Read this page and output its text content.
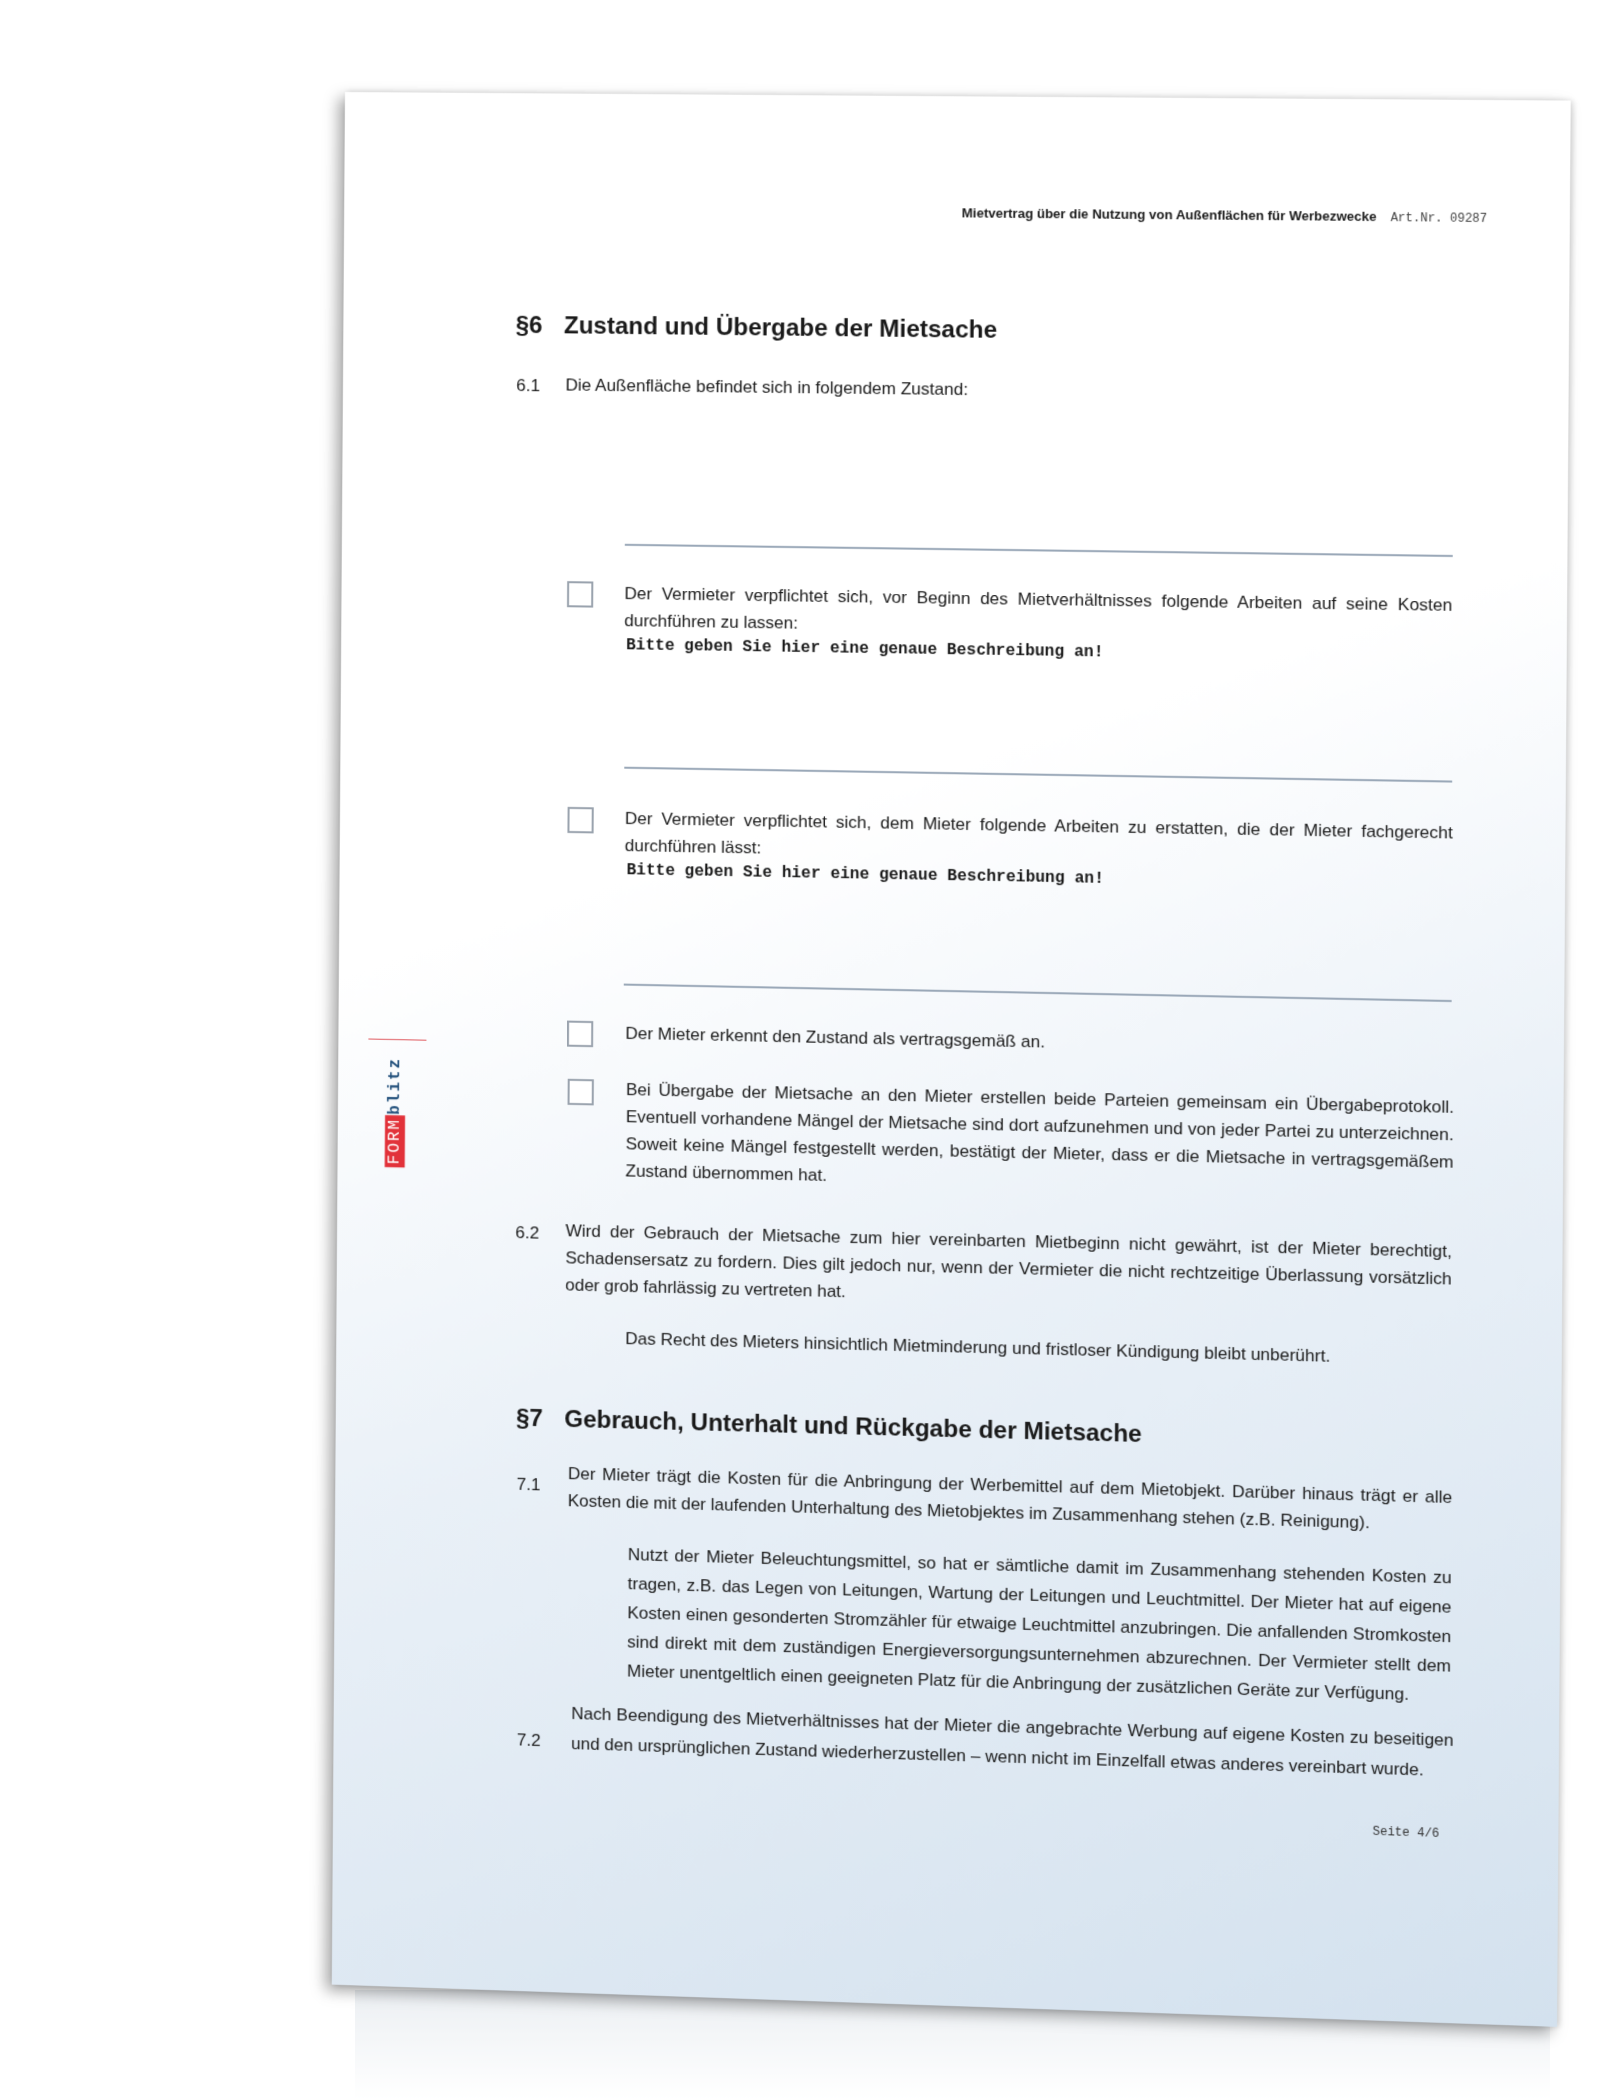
Mietvertrag über die Nutzung von Außenflächen für Werbezwecke Art.Nr. 09287
FORMblitz
§6 Zustand und Übergabe der Mietsache
6.1 Die Außenfläche befindet sich in folgendem Zustand:
Der Vermieter verpflichtet sich, vor Beginn des Mietverhältnisses folgende Arbeiten auf seine Kosten durchführen zu lassen:
Bitte geben Sie hier eine genaue Beschreibung an!
Der Vermieter verpflichtet sich, dem Mieter folgende Arbeiten zu erstatten, die der Mieter fachgerecht durchführen lässt:
Bitte geben Sie hier eine genaue Beschreibung an!
Der Mieter erkennt den Zustand als vertragsgemäß an.
Bei Übergabe der Mietsache an den Mieter erstellen beide Parteien gemeinsam ein Übergabeprotokoll. Eventuell vorhandene Mängel der Mietsache sind dort aufzunehmen und von jeder Partei zu unterzeichnen. Soweit keine Mängel festgestellt werden, bestätigt der Mieter, dass er die Mietsache in vertragsgemäßem Zustand übernommen hat.
6.2 Wird der Gebrauch der Mietsache zum hier vereinbarten Mietbeginn nicht gewährt, ist der Mieter berechtigt, Schadensersatz zu fordern. Dies gilt jedoch nur, wenn der Vermieter die nicht rechtzeitige Überlassung vorsätzlich oder grob fahrlässig zu vertreten hat.
Das Recht des Mieters hinsichtlich Mietminderung und fristloser Kündigung bleibt unberührt.
§7 Gebrauch, Unterhalt und Rückgabe der Mietsache
7.1 Der Mieter trägt die Kosten für die Anbringung der Werbemittel auf dem Mietobjekt. Darüber hinaus trägt er alle Kosten die mit der laufenden Unterhaltung des Mietobjektes im Zusammenhang stehen (z.B. Reinigung).
Nutzt der Mieter Beleuchtungsmittel, so hat er sämtliche damit im Zusammenhang stehenden Kosten zu tragen, z.B. das Legen von Leitungen, Wartung der Leitungen und Leuchtmittel. Der Mieter hat auf eigene Kosten einen gesonderten Stromzähler für etwaige Leuchtmittel anzubringen. Die anfallenden Stromkosten sind direkt mit dem zuständigen Energieversorgungsunternehmen abzurechnen. Der Vermieter stellt dem Mieter unentgeltlich einen geeigneten Platz für die Anbringung der zusätzlichen Geräte zur Verfügung.
7.2 Nach Beendigung des Mietverhältnisses hat der Mieter die angebrachte Werbung auf eigene Kosten zu beseitigen und den ursprünglichen Zustand wiederherzustellen – wenn nicht im Einzelfall etwas anderes vereinbart wurde.
Seite 4/6
